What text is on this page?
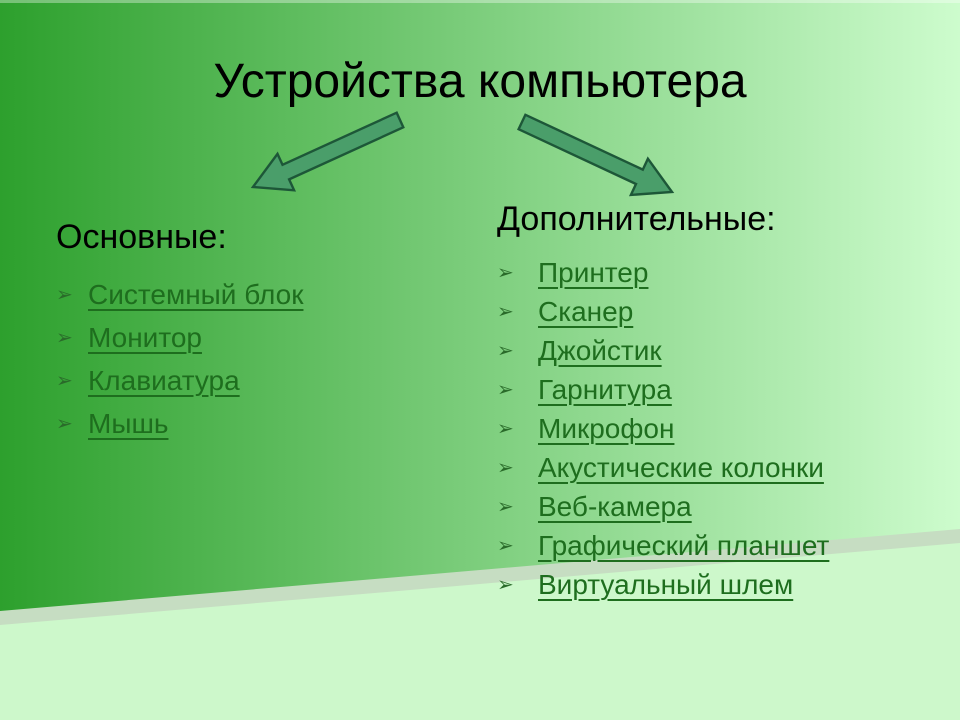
Устройства компьютера
Основные:
➢ Системный блок
➢ Монитор
➢ Клавиатура
➢ Мышь
Дополнительные:
➢ Принтер
➢ Сканер
➢ Джойстик
➢ Гарнитура
➢ Микрофон
➢ Акустические колонки
➢ Веб-камера
➢ Графический планшет
➢ Виртуальный шлем
